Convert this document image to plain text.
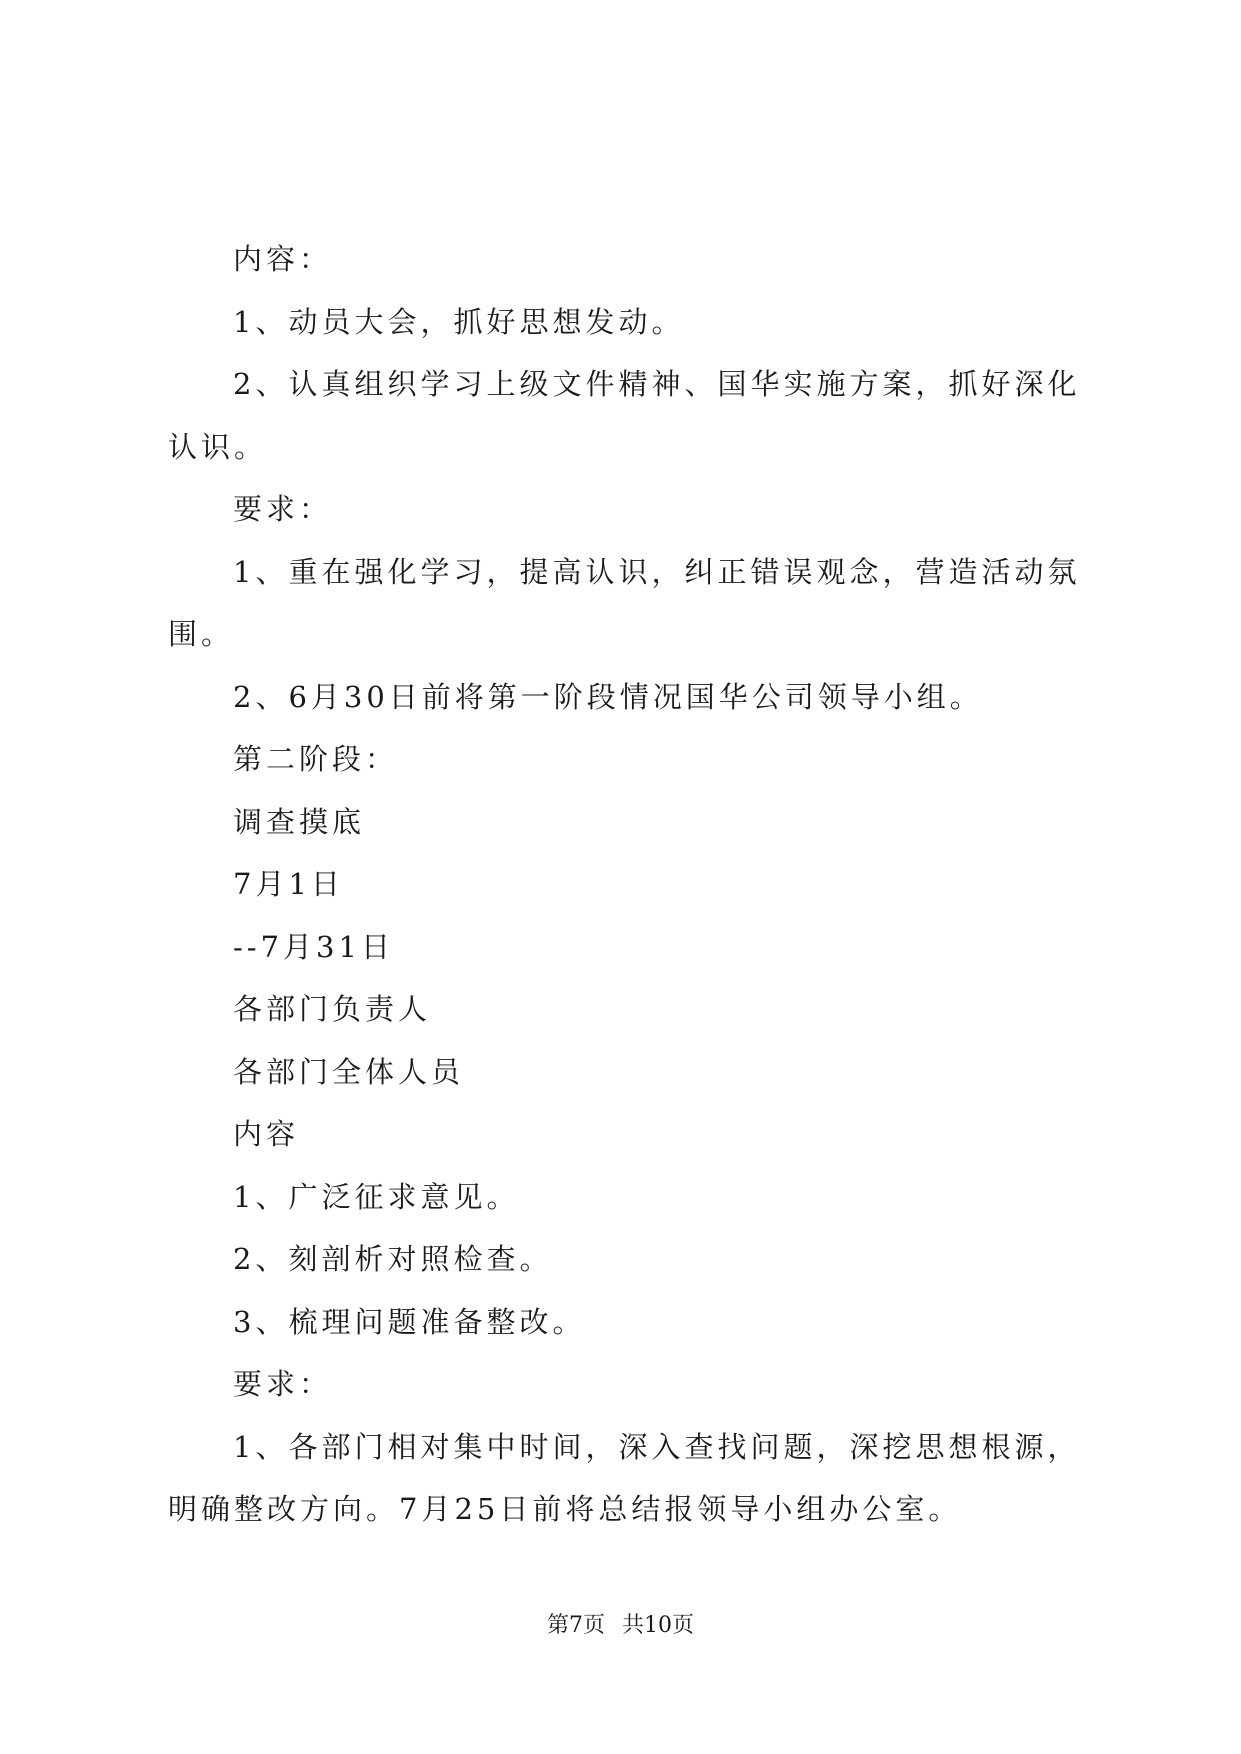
内容：

1、动员大会，抓好思想发动。

2、认真组织学习上级文件精神、国华实施方案，抓好深化认识。

要求：

1、重在强化学习，提高认识，纠正错误观念，营造活动氛围。

2、6月30日前将第一阶段情况国华公司领导小组。

第二阶段：

调查摸底

7月1日

--7月31日

各部门负责人

各部门全体人员

内容

1、广泛征求意见。

2、刻剖析对照检查。

3、梳理问题准备整改。

要求：

1、各部门相对集中时间，深入查找问题，深挖思想根源，明确整改方向。7月25日前将总结报领导小组办公室。

第7页 共10页
